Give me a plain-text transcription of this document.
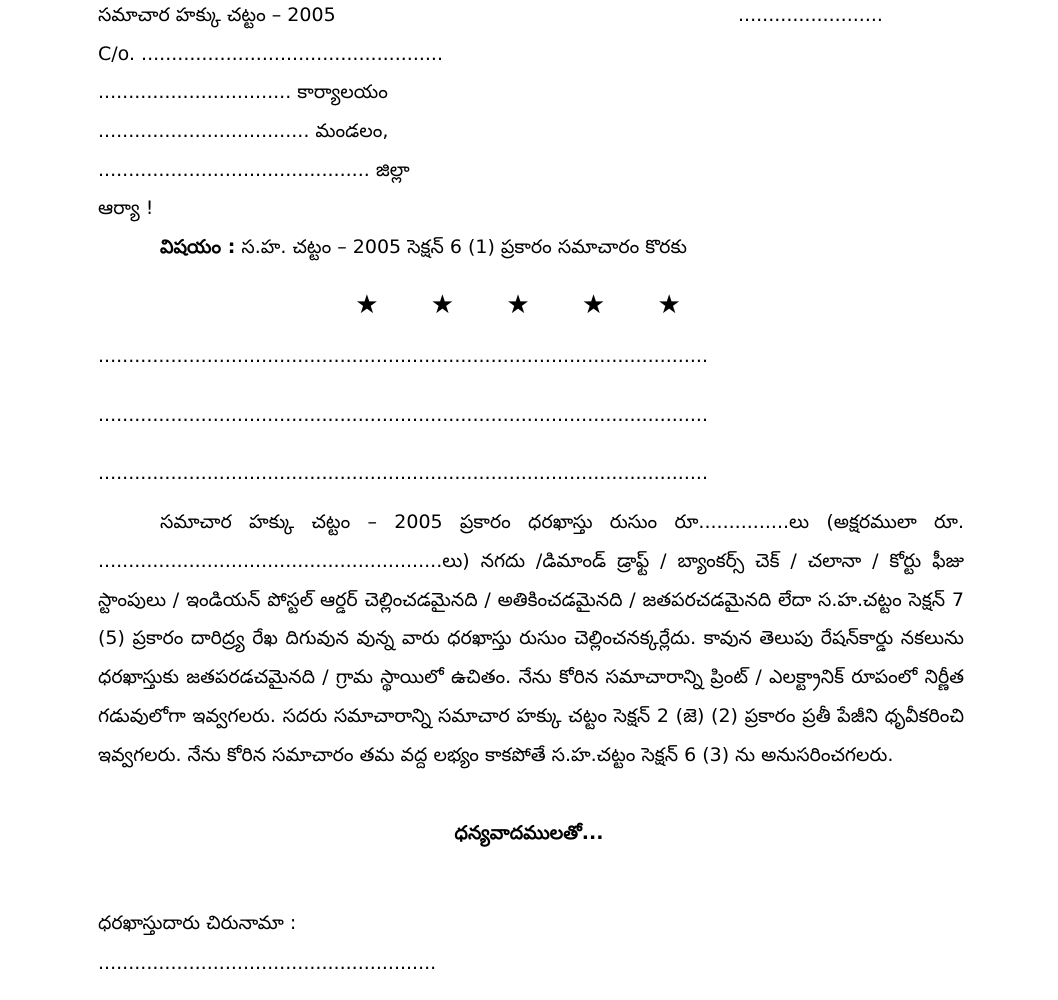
సమాచార హక్కు చట్టం – 2005	........................
C/o. ..................................................
................................ కార్యాలయం
................................... మండలం,
............................................. జిల్లా
ఆర్యా !
విషయం : స.హ. చట్టం – 2005 సెక్షన్ 6 (1) ప్రకారం సమాచారం కొరకు
★ ★ ★ ★ ★
.....................................................................................................
.....................................................................................................
.....................................................................................................
సమాచార హక్కు చట్టం – 2005 ప్రకారం ధరఖాస్తు రుసుం రూ...............లు (అక్షరములా రూ. .........................................................లు) నగదు /డిమాండ్ డ్రాఫ్ట్ / బ్యాంకర్స్ చెక్ / చలానా / కోర్టు ఫీజు స్టాంపులు / ఇండియన్ పోస్టల్ ఆర్డర్ చెల్లించడమైనది / అతికించడమైనది / జతపరచడమైనది లేదా స.హ.చట్టం సెక్షన్ 7 (5) ప్రకారం దారిద్ర్య రేఖ దిగువున వున్న వారు ధరఖాస్తు రుసుం చెల్లించనక్కర్లేదు. కావున తెలుపు రేషన్‌కార్డు నకలును ధరఖాస్తుకు జతపరడచమైనది / గ్రామ స్థాయిలో ఉచితం. నేను కోరిన సమాచారాన్ని ప్రింట్ / ఎలక్ట్రానిక్ రూపంలో నిర్ణీత గడువులోగా ఇవ్వగలరు. సదరు సమాచారాన్ని సమాచార హక్కు చట్టం సెక్షన్ 2 (జె) (2) ప్రకారం ప్రతీ పేజీని ధృవీకరించి ఇవ్వగలరు. నేను కోరిన సమాచారం తమ వద్ద లభ్యం కాకపోతే స.హ.చట్టం సెక్షన్ 6 (3) ను అనుసరించగలరు.
ధన్యవాదములతో...
ధరఖాస్తుదారు చిరునామా :
........................................................
